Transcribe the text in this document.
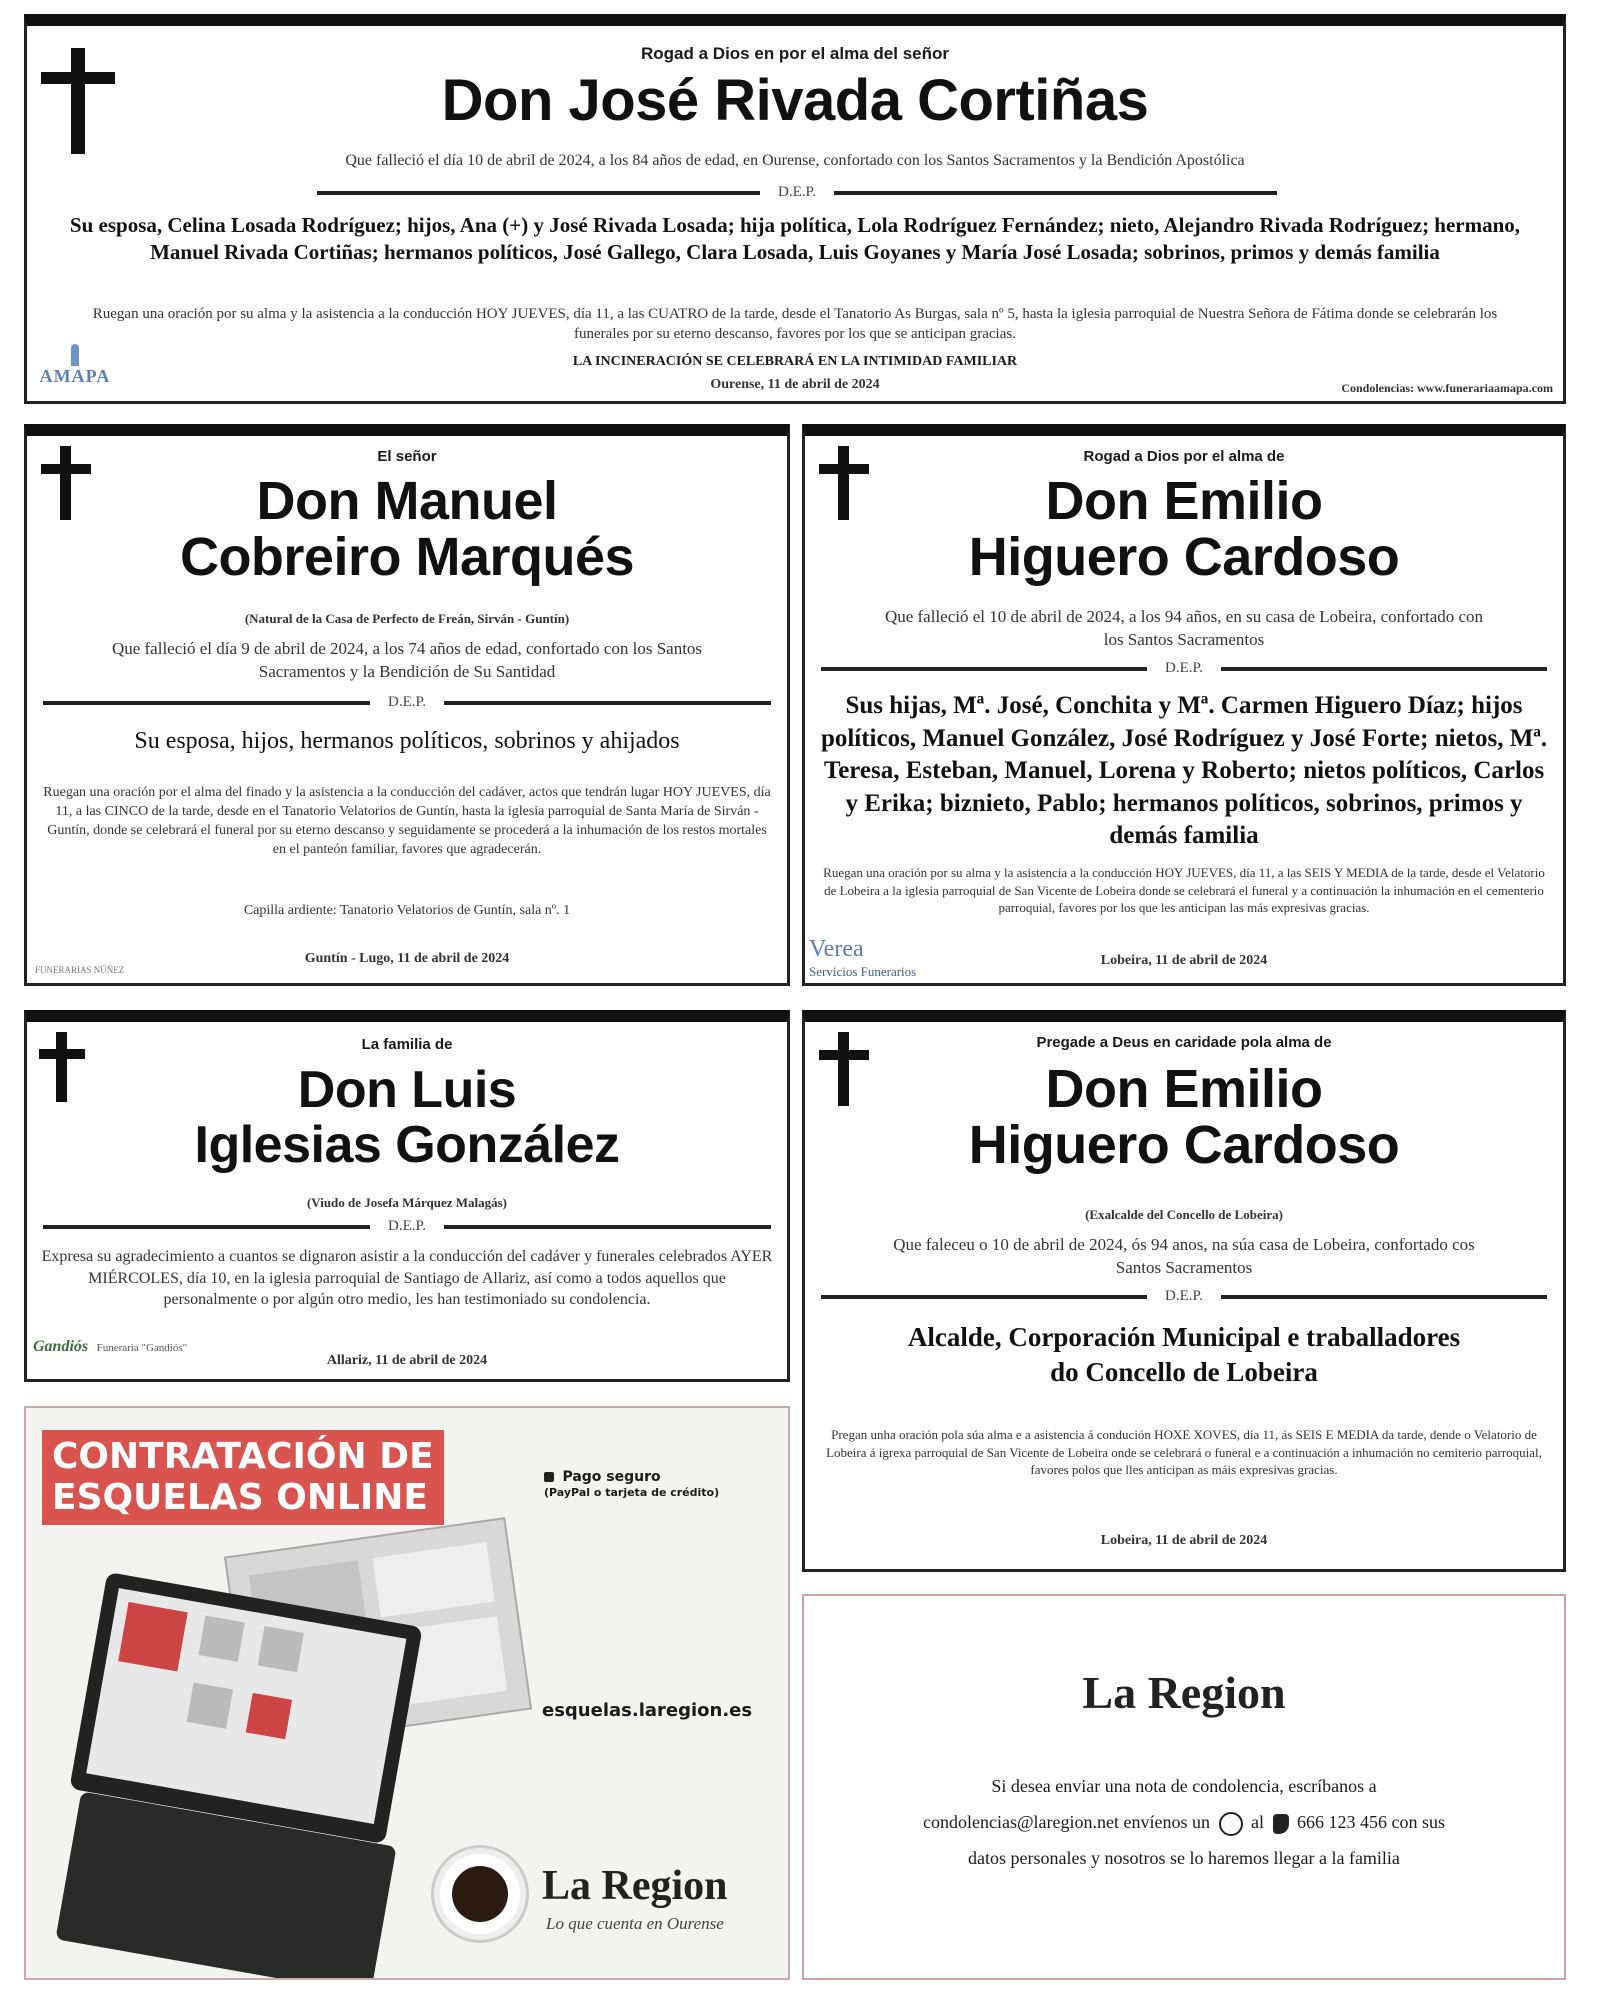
Rogad a Dios en por el alma del señor
Don José Rivada Cortiñas
Que falleció el día 10 de abril de 2024, a los 84 años de edad, en Ourense, confortado con los Santos Sacramentos y la Bendición Apostólica
D.E.P.
Su esposa, Celina Losada Rodríguez; hijos, Ana (+) y José Rivada Losada; hija política, Lola Rodríguez Fernández; nieto, Alejandro Rivada Rodríguez; hermano, Manuel Rivada Cortiñas; hermanos políticos, José Gallego, Clara Losada, Luis Goyanes y María José Losada; sobrinos, primos y demás familia
Ruegan una oración por su alma y la asistencia a la conducción HOY JUEVES, día 11, a las CUATRO de la tarde, desde el Tanatorio As Burgas, sala nº 5, hasta la iglesia parroquial de Nuestra Señora de Fátima donde se celebrarán los funerales por su eterno descanso, favores por los que se anticipan gracias.
LA INCINERACIÓN SE CELEBRARÁ EN LA INTIMIDAD FAMILIAR
Ourense, 11 de abril de 2024	Condolencias: www.funerariaamapa.com
AMAPA
El señor
Don Manuel
Cobreiro Marqués
(Natural de la Casa de Perfecto de Freán, Sirván - Guntín)
Que falleció el día 9 de abril de 2024, a los 74 años de edad, confortado con los Santos Sacramentos y la Bendición de Su Santidad
D.E.P.
Su esposa, hijos, hermanos políticos, sobrinos y ahijados
Ruegan una oración por el alma del finado y la asistencia a la conducción del cadáver, actos que tendrán lugar HOY JUEVES, día 11, a las CINCO de la tarde, desde en el Tanatorio Velatorios de Guntín, hasta la iglesia parroquial de Santa María de Sirván - Guntín, donde se celebrará el funeral por su eterno descanso y seguidamente se procederá a la inhumación de los restos mortales en el panteón familiar, favores que agradecerán.
Capilla ardiente: Tanatorio Velatorios de Guntín, sala nº. 1
Guntín - Lugo, 11 de abril de 2024
FUNERARIAS NÚÑEZ
Rogad a Dios por el alma de
Don Emilio
Higuero Cardoso
Que falleció el 10 de abril de 2024, a los 94 años, en su casa de Lobeira, confortado con los Santos Sacramentos
D.E.P.
Sus hijas, Mª. José, Conchita y Mª. Carmen Higuero Díaz; hijos políticos, Manuel González, José Rodríguez y José Forte; nietos, Mª. Teresa, Esteban, Manuel, Lorena y Roberto; nietos políticos, Carlos y Erika; biznieto, Pablo; hermanos políticos, sobrinos, primos y demás familia
Ruegan una oración por su alma y la asistencia a la conducción HOY JUEVES, día 11, a las SEIS Y MEDIA de la tarde, desde el Velatorio de Lobeira a la iglesia parroquial de San Vicente de Lobeira donde se celebrará el funeral y a continuación la inhumación en el cementerio parroquial, favores por los que les anticipan las más expresivas gracias.
Lobeira, 11 de abril de 2024
Verea
Servicios Funerarios
La familia de
Don Luis
Iglesias González
(Viudo de Josefa Márquez Malagás)
D.E.P.
Expresa su agradecimiento a cuantos se dignaron asistir a la conducción del cadáver y funerales celebrados AYER MIÉRCOLES, día 10, en la iglesia parroquial de Santiago de Allariz, así como a todos aquellos que personalmente o por algún otro medio, les han testimoniado su condolencia.
Allariz, 11 de abril de 2024
Gandiós Funeraria "Gandiós"
Pregade a Deus en caridade pola alma de
Don Emilio
Higuero Cardoso
(Exalcalde del Concello de Lobeira)
Que faleceu o 10 de abril de 2024, ós 94 anos, na súa casa de Lobeira, confortado cos Santos Sacramentos
D.E.P.
Alcalde, Corporación Municipal e traballadores do Concello de Lobeira
Pregan unha oración pola súa alma e a asistencia á condución HOXE XOVES, día 11, ás SEIS E MEDIA da tarde, dende o Velatorio de Lobeira á igrexa parroquial de San Vicente de Lobeira onde se celebrará o funeral e a continuación a inhumación no cemiterio parroquial, favores polos que lles anticipan as máis expresivas gracias.
Lobeira, 11 de abril de 2024
CONTRATACIÓN DE
ESQUELAS ONLINE
Pago seguro
(PayPal o tarjeta de crédito)
esquelas.laregion.es
La Region
Lo que cuenta en Ourense
La Region
Si desea enviar una nota de condolencia, escríbanos a
condolencias@laregion.net envíenos un al 666 123 456 con sus
datos personales y nosotros se lo haremos llegar a la familia
